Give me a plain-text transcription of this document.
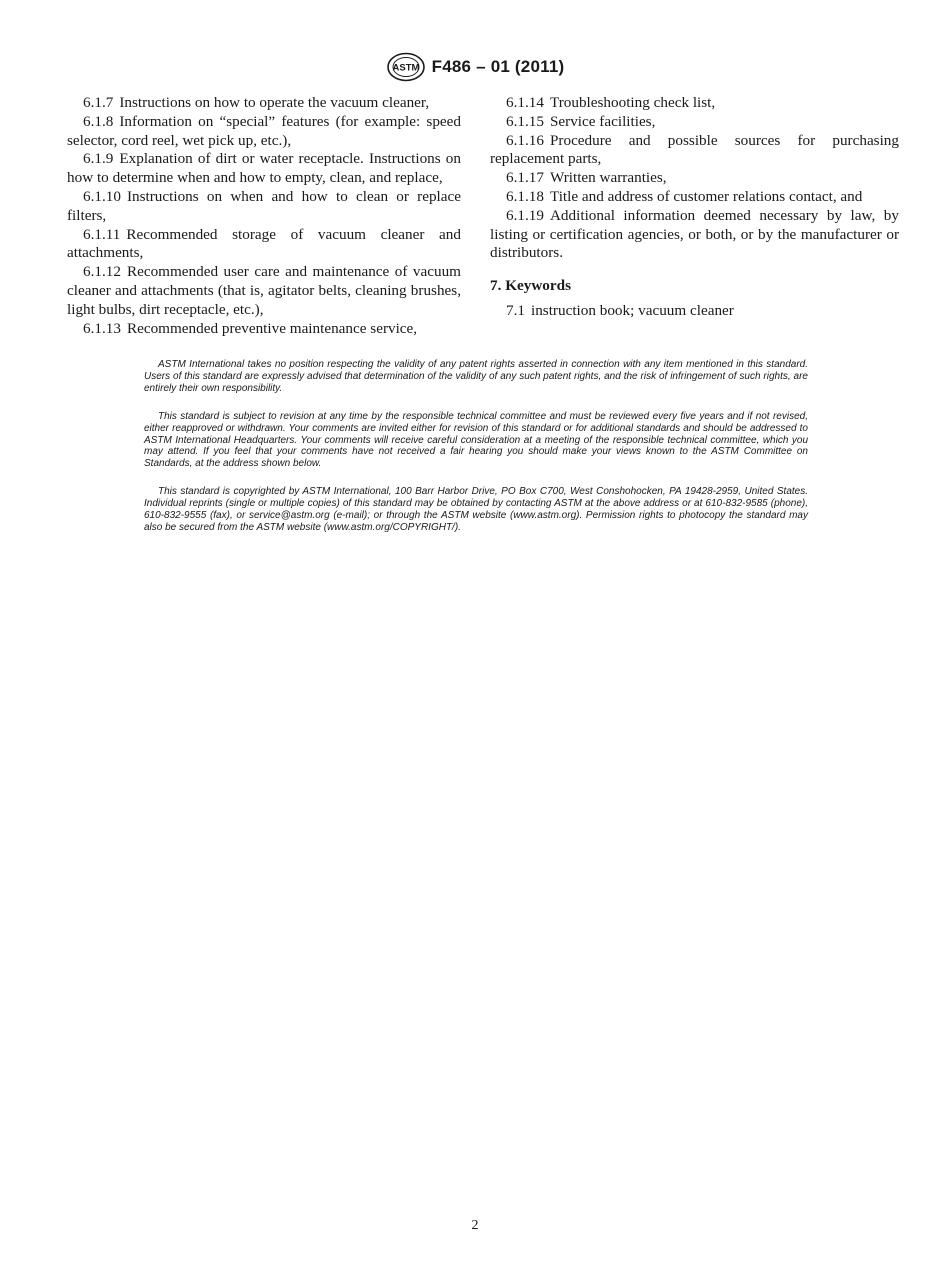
ASTM F486 – 01 (2011)

6.1.7 Instructions on how to operate the vacuum cleaner,

6.1.8 Information on “special” features (for example: speed selector, cord reel, wet pick up, etc.),

6.1.9 Explanation of dirt or water receptacle. Instructions on how to determine when and how to empty, clean, and replace,

6.1.10 Instructions on when and how to clean or replace filters,

6.1.11 Recommended storage of vacuum cleaner and attachments,

6.1.12 Recommended user care and maintenance of vacuum cleaner and attachments (that is, agitator belts, cleaning brushes, light bulbs, dirt receptacle, etc.),

6.1.13 Recommended preventive maintenance service,

6.1.14 Troubleshooting check list,

6.1.15 Service facilities,

6.1.16 Procedure and possible sources for purchasing replacement parts,

6.1.17 Written warranties,

6.1.18 Title and address of customer relations contact, and

6.1.19 Additional information deemed necessary by law, by listing or certification agencies, or both, or by the manufacturer or distributors.

7. Keywords

7.1 instruction book; vacuum cleaner

ASTM International takes no position respecting the validity of any patent rights asserted in connection with any item mentioned in this standard. Users of this standard are expressly advised that determination of the validity of any such patent rights, and the risk of infringement of such rights, are entirely their own responsibility.

This standard is subject to revision at any time by the responsible technical committee and must be reviewed every five years and if not revised, either reapproved or withdrawn. Your comments are invited either for revision of this standard or for additional standards and should be addressed to ASTM International Headquarters. Your comments will receive careful consideration at a meeting of the responsible technical committee, which you may attend. If you feel that your comments have not received a fair hearing you should make your views known to the ASTM Committee on Standards, at the address shown below.

This standard is copyrighted by ASTM International, 100 Barr Harbor Drive, PO Box C700, West Conshohocken, PA 19428-2959, United States. Individual reprints (single or multiple copies) of this standard may be obtained by contacting ASTM at the above address or at 610-832-9585 (phone), 610-832-9555 (fax), or service@astm.org (e-mail); or through the ASTM website (www.astm.org). Permission rights to photocopy the standard may also be secured from the ASTM website (www.astm.org/COPYRIGHT/).

2
